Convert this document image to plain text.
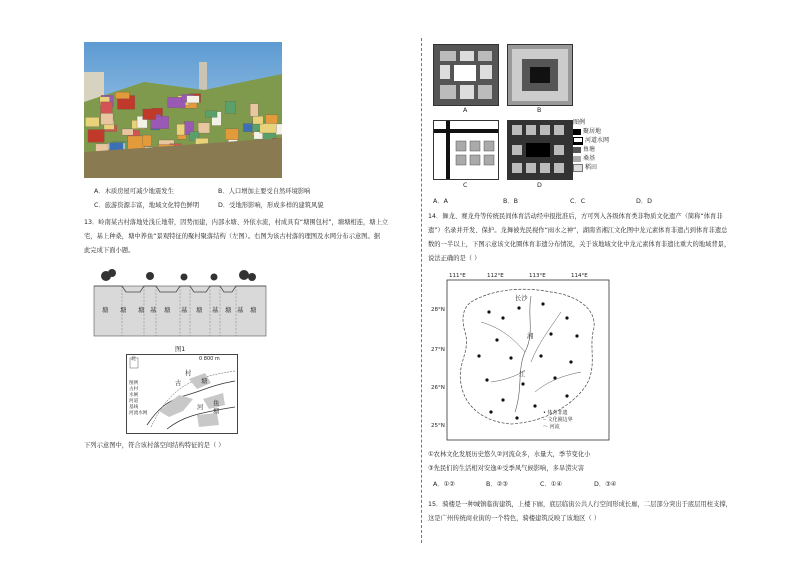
A．木质房屋可减少地震发生	B．人口增加主要受自然环境影响
C．旅游资源丰富，地域文化特色鲜明	D．受地形影响，形成多样的建筑风貌
13．岭南某古村落地处浅丘地带，因势而建，内部水塘、外依水流，村成具有“塘围包村”，塘塘相连，塘上立
宅，基上种桑，塘中养鱼“景观特征的聚村聚落结构（左图）。右图为该古村落的理图及水网分布示意图。据
此完成下面小题。
塘 塘 基 塘 基 塘 基 塘 基 塘
塘
图1
北	0 800 m
古
村
塘
河
鱼
塘
图例
古村
水闸
河道
基线
河流水网
下列示意图中，符合该村落空间结构特征的是（ ）
A	B
C	D
图例
聚居地
河道水网
鱼塘
桑基
稻田
A．A	B．B	C．C	D．D
14．舞龙、赛龙舟等传统民间体育活动经申报批准后，方可列入各级体育类非物质文化遗产（简称“体育非
遗”）名录并开发、保护。龙舞被先民视作“雨水之神”，湖南省湘江文化图中龙元素体育非遗占到体育非遗总
数的一半以上，下图示意该文化圈体育非遗分布情况，关于该地域文化中龙元素体育非遗比重大的地域背景，
说法正确的是（ ）
111°E	112°E	113°E	114°E
28°N
27°N
26°N
25°N
长沙
湘
江
• 体育非遗
┄ 文化圈边界
～ 河流
①农林文化发展历史悠久②河流众多，水量大，季节变化小
③先民们的生活相对安逸④受季风气候影响，多旱涝灾害
A．①②	B．②③	C．①④	D．③④
15．骑楼是一种城镇临街建筑，上楼下廊，底层临街公共人行空间形成长廊，二层部分突出于底层用柱支撑，
这是广州传统商业街的一个特色，骑楼建筑反映了该地区（ ）
